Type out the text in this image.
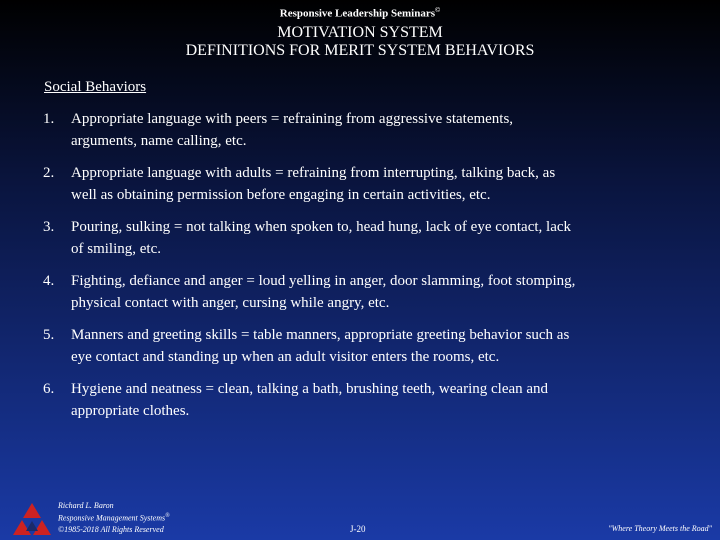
Responsive Leadership Seminars©
MOTIVATION SYSTEM
DEFINITIONS FOR MERIT SYSTEM BEHAVIORS
Social Behaviors
1. Appropriate language with peers = refraining from aggressive statements,
arguments, name calling, etc.
2. Appropriate language with adults = refraining from interrupting, talking back, as
well as obtaining permission before engaging in certain activities, etc.
3. Pouring, sulking = not talking when spoken to, head hung, lack of eye contact, lack
of smiling, etc.
4. Fighting, defiance and anger = loud yelling in anger, door slamming, foot stomping,
physical contact with anger, cursing while angry, etc.
5. Manners and greeting skills = table manners, appropriate greeting behavior such as
eye contact and standing up when an adult visitor enters the rooms, etc.
6. Hygiene and neatness = clean, talking a bath, brushing teeth, wearing clean and
appropriate clothes.
Richard L. Baron
Responsive Management Systems®
©1985-2018 All Rights Reserved	J-20	"Where Theory Meets the Road"
